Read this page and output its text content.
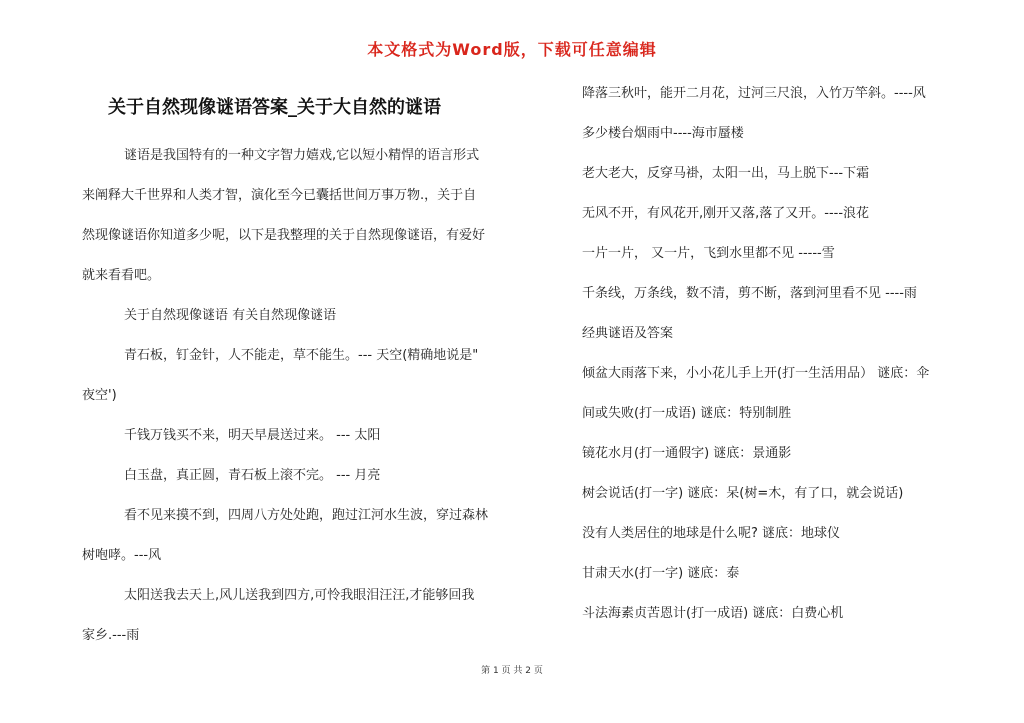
本文格式为Word版，下载可任意编辑
关于自然现像谜语答案_关于大自然的谜语

谜语是我国特有的一种文字智力嬉戏,它以短小精悍的语言形式

来阐释大千世界和人类才智，演化至今已囊括世间万事万物.，关于自

然现像谜语你知道多少呢，以下是我整理的关于自然现像谜语，有爱好

就来看看吧。

关于自然现像谜语 有关自然现像谜语

青石板，钉金针，人不能走，草不能生。--- 天空(精确地说是"

夜空')

千钱万钱买不来，明天早晨送过来。 --- 太阳

白玉盘，真正圆，青石板上滚不完。 --- 月亮

看不见来摸不到，四周八方处处跑，跑过江河水生波，穿过森林

树咆哮。---风

太阳送我去天上,风儿送我到四方,可怜我眼泪汪汪,才能够回我

家乡.---雨

降落三秋叶，能开二月花，过河三尺浪，入竹万竿斜。----风

多少楼台烟雨中----海市蜃楼

老大老大，反穿马褂，太阳一出，马上脱下---下霜

无风不开，有风花开,刚开又落,落了又开。----浪花

一片一片， 又一片，飞到水里都不见 -----雪

千条线，万条线，数不清，剪不断，落到河里看不见 ----雨

经典谜语及答案

倾盆大雨落下来，小小花儿手上开(打一生活用品） 谜底：伞

间或失败(打一成语) 谜底：特别制胜

镜花水月(打一通假字) 谜底：景通影

树会说话(打一字) 谜底：呆(树=木，有了口，就会说话)

没有人类居住的地球是什么呢? 谜底：地球仪

甘肃天水(打一字) 谜底：泰

斗法海素贞苦恩计(打一成语) 谜底：白费心机

第 1 页 共 2 页
